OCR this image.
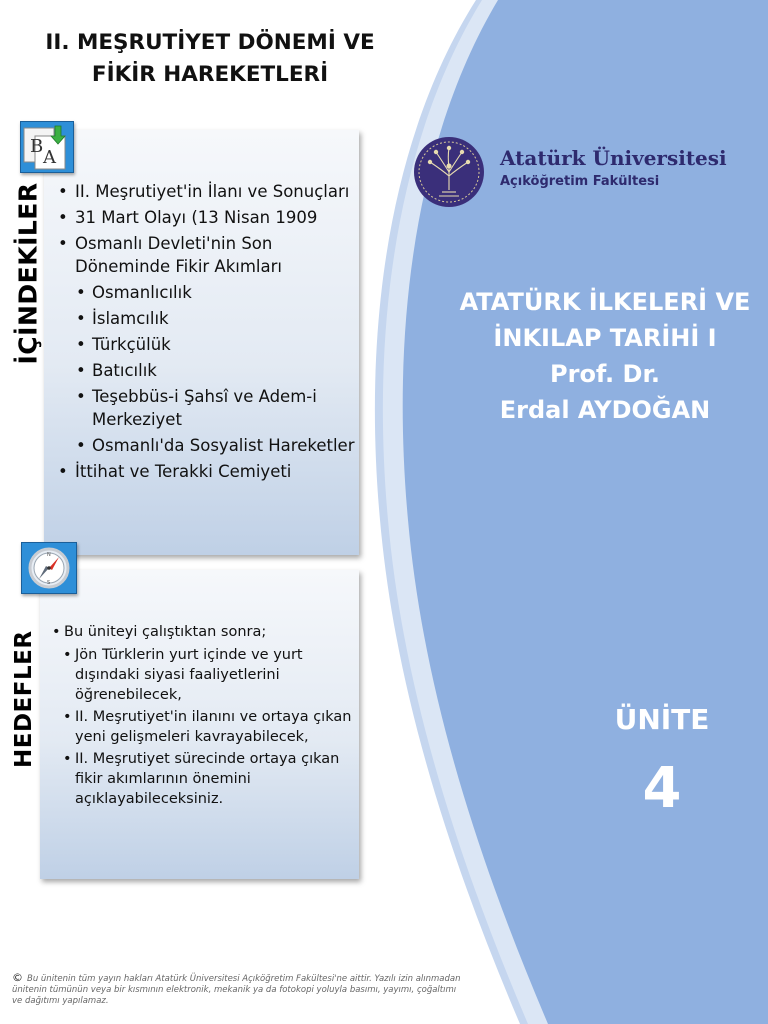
II. MEŞRUTİYET DÖNEMİ VE FİKİR HAREKETLERİ
İÇİNDEKİLER
B
A
• II. Meşrutiyet'in İlanı ve Sonuçları
• 31 Mart Olayı (13 Nisan 1909
• Osmanlı Devleti'nin Son Döneminde Fikir Akımları
• Osmanlıcılık
• İslamcılık
• Türkçülük
• Batıcılık
• Teşebbüs-i Şahsî ve Adem-i Merkeziyet
• Osmanlı'da Sosyalist Hareketler
• İttihat ve Terakki Cemiyeti
HEDEFLER
N
S
• Bu üniteyi çalıştıktan sonra;
• Jön Türklerin yurt içinde ve yurt dışındaki siyasi faaliyetlerini öğrenebilecek,
• II. Meşrutiyet'in ilanını ve ortaya çıkan yeni gelişmeleri kavrayabilecek,
• II. Meşrutiyet sürecinde ortaya çıkan fikir akımlarının önemini açıklayabileceksiniz.
Atatürk Üniversitesi
Açıköğretim Fakültesi
ATATÜRK İLKELERİ VE
İNKILAP TARİHİ I
Prof. Dr.
Erdal AYDOĞAN
ÜNİTE
4
© Bu ünitenin tüm yayın hakları Atatürk Üniversitesi Açıköğretim Fakültesi'ne aittir. Yazılı izin alınmadan ünitenin tümünün veya bir kısmının elektronik, mekanik ya da fotokopi yoluyla basımı, yayımı, çoğaltımı ve dağıtımı yapılamaz.
